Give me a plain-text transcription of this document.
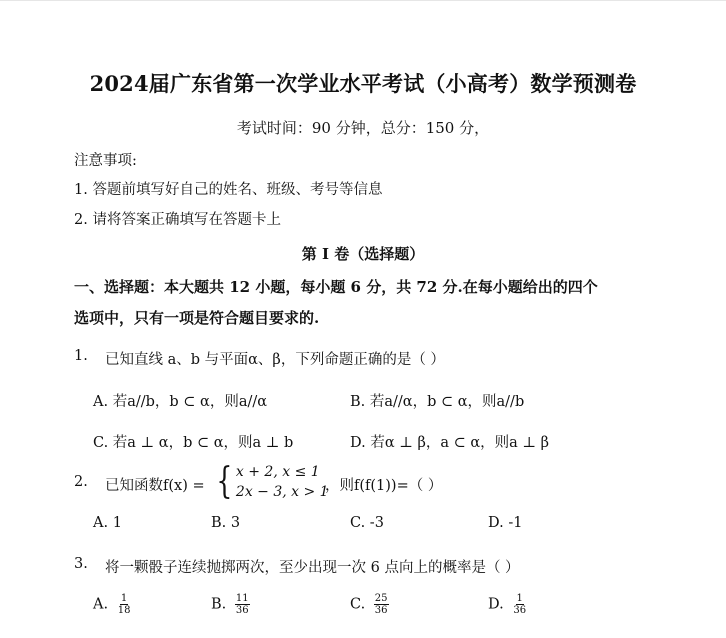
2024届广东省第一次学业水平考试（小高考）数学预测卷
考试时间：90 分钟，总分：150 分，
注意事项:
1. 答题前填写好自己的姓名、班级、考号等信息
2. 请将答案正确填写在答题卡上
第 I 卷（选择题）
一、选择题：本大题共 12 小题，每小题 6 分，共 72 分.在每小题给出的四个
选项中，只有一项是符合题目要求的.
1. 已知直线 a、b 与平面α、β，下列命题正确的是（ ）
A. 若a//b，b ⊂ α，则a//α	B. 若a//α，b ⊂ α，则a//b
C. 若a ⊥ α，b ⊂ α，则a ⊥ b	D. 若α ⊥ β，a ⊂ α，则a ⊥ β
2. 已知函数f(x) = { x + 2, x ≤ 1
2x − 3, x > 1
，则f(f(1))=（ ）
A. 1	B. 3	C. -3	D. -1
3. 将一颗骰子连续抛掷两次，至少出现一次 6 点向上的概率是（ ）
A. $\frac{1}{18}$	B. $\frac{11}{36}$	C. $\frac{25}{36}$	D. $\frac{1}{36}$
